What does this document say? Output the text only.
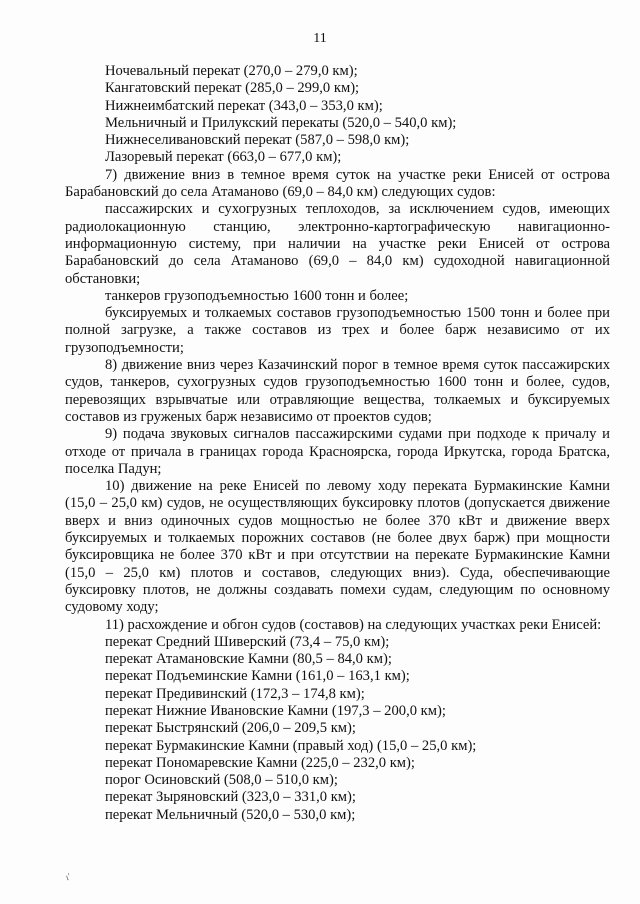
11
Ночевальный перекат (270,0 – 279,0 км);
Кангатовский перекат (285,0 – 299,0 км);
Нижнеимбатский перекат (343,0 – 353,0 км);
Мельничный и Прилукский перекаты (520,0 – 540,0 км);
Нижнеселивановский перекат (587,0 – 598,0 км);
Лазоревый перекат (663,0 – 677,0 км);
7) движение вниз в темное время суток на участке реки Енисей от острова Барабановский до села Атаманово (69,0 – 84,0 км) следующих судов:
пассажирских и сухогрузных теплоходов, за исключением судов, имеющих радиолокационную станцию, электронно-картографическую навигационно-информационную систему, при наличии на участке реки Енисей от острова Барабановский до села Атаманово (69,0 – 84,0 км) судоходной навигационной обстановки;
танкеров грузоподъемностью 1600 тонн и более;
буксируемых и толкаемых составов грузоподъемностью 1500 тонн и более при полной загрузке, а также составов из трех и более барж независимо от их грузоподъемности;
8) движение вниз через Казачинский порог в темное время суток пассажирских судов, танкеров, сухогрузных судов грузоподъемностью 1600 тонн и более, судов, перевозящих взрывчатые или отравляющие вещества, толкаемых и буксируемых составов из груженых барж независимо от проектов судов;
9) подача звуковых сигналов пассажирскими судами при подходе к причалу и отходе от причала в границах города Красноярска, города Иркутска, города Братска, поселка Падун;
10) движение на реке Енисей по левому ходу переката Бурмакинские Камни (15,0 – 25,0 км) судов, не осуществляющих буксировку плотов (допускается движение вверх и вниз одиночных судов мощностью не более 370 кВт и движение вверх буксируемых и толкаемых порожних составов (не более двух барж) при мощности буксировщика не более 370 кВт и при отсутствии на перекате Бурмакинские Камни (15,0 – 25,0 км) плотов и составов, следующих вниз). Суда, обеспечивающие буксировку плотов, не должны создавать помехи судам, следующим по основному судовому ходу;
11) расхождение и обгон судов (составов) на следующих участках реки Енисей:
перекат Средний Шиверский (73,4 – 75,0 км);
перекат Атамановские Камни (80,5 – 84,0 км);
перекат Подъеминские Камни (161,0 – 163,1 км);
перекат Предивинский (172,3 – 174,8 км);
перекат Нижние Ивановские Камни (197,3 – 200,0 км);
перекат Быстрянский (206,0 – 209,5 км);
перекат Бурмакинские Камни (правый ход) (15,0 – 25,0 км);
перекат Пономаревские Камни (225,0 – 232,0 км);
порог Осиновский (508,0 – 510,0 км);
перекат Зыряновский (323,0 – 331,0 км);
перекат Мельничный (520,0 – 530,0 км);
ι'
